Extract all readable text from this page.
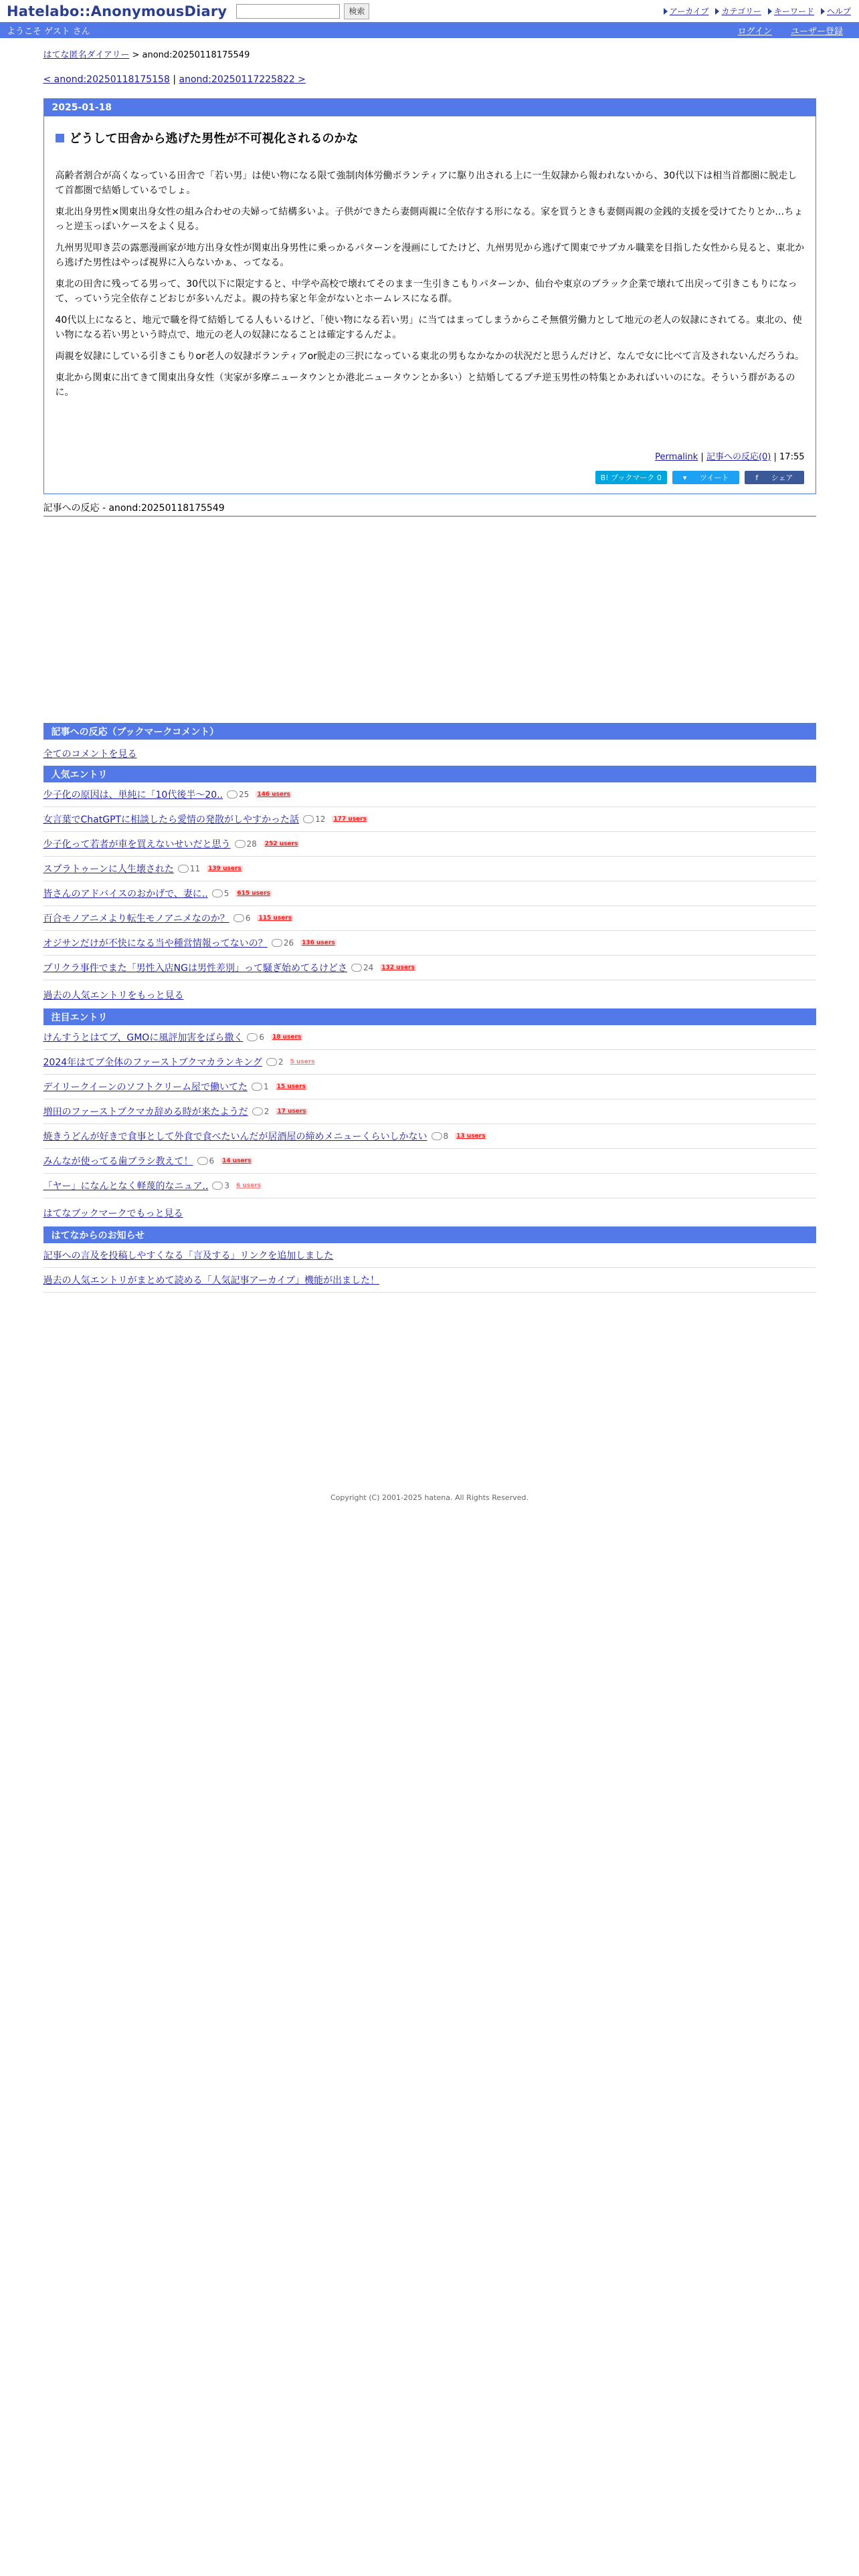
Hatelabo::AnonymousDiary	検索	アーカイブ カテゴリー キーワード ヘルプ
ようこそ ゲスト さん	ログイン ユーザー登録
はてな匿名ダイアリー > anond:20250118175549
< anond:20250118175158 | anond:20250117225822 >
2025-01-18
どうして田舎から逃げた男性が不可視化されるのかな

高齢者割合が高くなっている田舎で「若い男」は使い物になる限て強制肉体労働ボランティアに駆り出される上に一生奴隷から報われないから、30代以下は相当首都圏に脱走して首都圏で結婚しているでしょ。

東北出身男性×関東出身女性の組み合わせの夫婦って結構多いよ。子供ができたら妻側両親に全依存する形になる。家を買うときも妻側両親の金銭的支援を受けてたりとか…ちょっと逆玉っぽいケースをよく見る。

九州男児叩き芸の露悪漫画家が地方出身女性が関東出身男性に乗っかるパターンを漫画にしてたけど、九州男児から逃げて関東でサブカル職業を目指した女性から見ると、東北から逃げた男性はやっぱ視界に入らないかぁ、ってなる。

東北の田舎に残ってる男って、30代以下に限定すると、中学や高校で壊れてそのまま一生引きこもりパターンか、仙台や東京のブラック企業で壊れて出戻って引きこもりになって、っていう完全依存こどおじが多いんだよ。親の持ち家と年金がないとホームレスになる群。

40代以上になると、地元で職を得て結婚してる人もいるけど、「使い物になる若い男」に当てはまってしまうからこそ無償労働力として地元の老人の奴隷にされてる。東北の、使い物になる若い男という時点で、地元の老人の奴隷になることは確定するんだよ。

両親を奴隷にしている引きこもりor老人の奴隷ボランティアor脱走の三択になっている東北の男もなかなかの状況だと思うんだけど、なんで女に比べて言及されないんだろうね。

東北から関東に出てきて関東出身女性（実家が多摩ニュータウンとか港北ニュータウンとか多い）と結婚してるプチ逆玉男性の特集とかあればいいのにな。そういう群があるのに。

Permalink | 記事への反応(0) | 17:55
B! ブックマーク 0	▾	ツイート	f	シェア
記事への反応 - anond:20250118175549
記事への反応（ブックマークコメント）
全てのコメントを見る
人気エントリ
少子化の原因は、単純に「10代後半〜20.. 25 146 users
女言葉でChatGPTに相談したら愛情の発散がしやすかった話 12 177 users
少子化って若者が車を買えないせいだと思う 28 252 users
スプラトゥーンに人生壊された 11 139 users
皆さんのアドバイスのおかげで、妻に.. 5 615 users
百合モノアニメより転生モノアニメなのか？ 6 115 users
オジサンだけが不快になる当や種営情報ってないの？ 26 136 users
プリクラ事件でまた「男性入店NGは男性差別」って騒ぎ始めてるけどさ 24 132 users
過去の人気エントリをもっと見る
注目エントリ
けんすうとはてブ、GMOに風評加害をばら撒く 6 18 users
2024年はてブ全体のファーストブクマカランキング 2 5 users
デイリークイーンのソフトクリーム屋で働いてた 1 15 users
増田のファーストブクマカ辞める時が来たようだ 2 17 users
焼きうどんが好きで食事として外食で食べたいんだが居酒屋の締めメニューくらいしかない 8 13 users
みんなが使ってる歯ブラシ教えて！ 6 14 users
「ヤー」になんとなく軽蔑的なニュア.. 3 6 users
はてなブックマークでもっと見る
はてなからのお知らせ
記事への言及を投稿しやすくなる「言及する」リンクを追加しました
過去の人気エントリがまとめて読める「人気記事アーカイブ」機能が出ました！
Copyright (C) 2001-2025 hatena. All Rights Reserved.
